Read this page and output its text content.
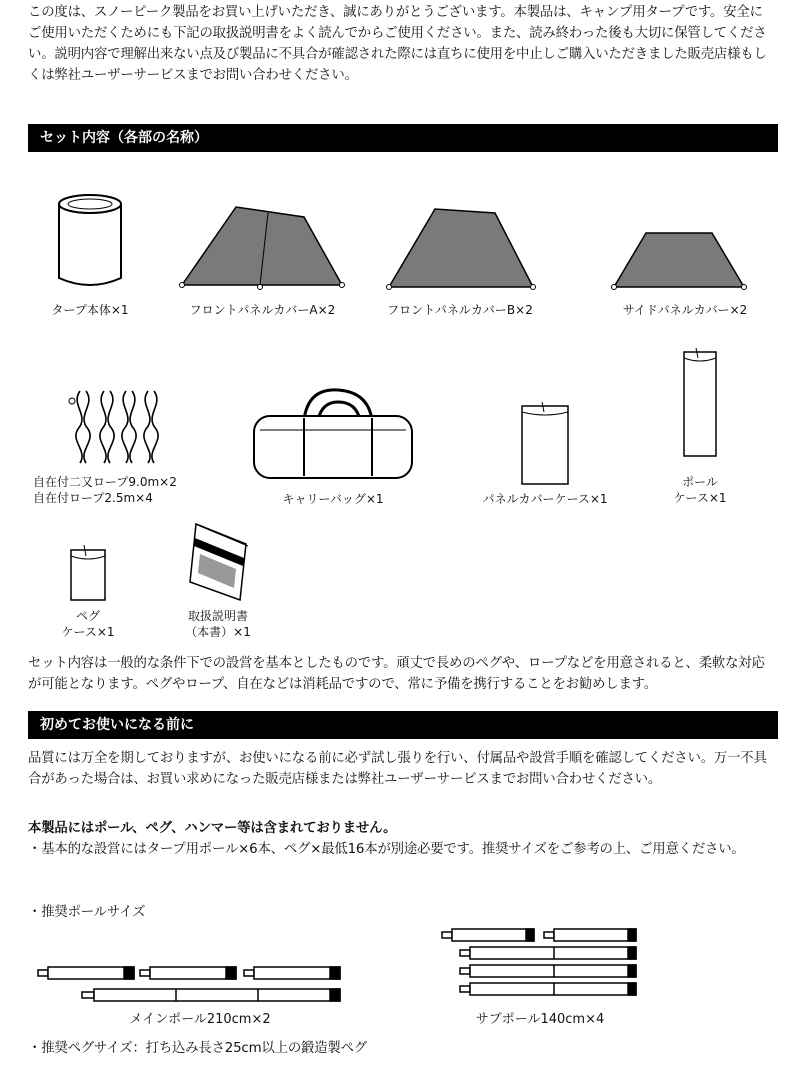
この度は、スノーピーク製品をお買い上げいただき、誠にありがとうございます。本製品は、キャンプ用タープです。安全にご使用いただくためにも下記の取扱説明書をよく読んでからご使用ください。また、読み終わった後も大切に保管してください。説明内容で理解出来ない点及び製品に不具合が確認された際には直ちに使用を中止しご購入いただきました販売店様もしくは弊社ユーザーサービスまでお問い合わせください。

セット内容（各部の名称）
タープ本体×1	フロントパネルカバーA×2	フロントパネルカバーB×2	サイドパネルカバー×2
自在付二又ロープ9.0m×2
自在付ロープ2.5m×4	キャリーバッグ×1	パネルカバーケース×1
ポール
ケース×1
ペグ
ケース×1
取扱説明書
（本書）×1

セット内容は一般的な条件下での設営を基本としたものです。頑丈で長めのペグや、ロープなどを用意されると、柔軟な対応が可能となります。ペグやロープ、自在などは消耗品ですので、常に予備を携行することをお勧めします。

初めてお使いになる前に

品質には万全を期しておりますが、お使いになる前に必ず試し張りを行い、付属品や設営手順を確認してください。万一不具合があった場合は、お買い求めになった販売店様または弊社ユーザーサービスまでお問い合わせください。

本製品にはポール、ペグ、ハンマー等は含まれておりません。

・基本的な設営にはタープ用ポール×6本、ペグ×最低16本が別途必要です。推奨サイズをご参考の上、ご用意ください。

・推奨ポールサイズ

メインポール210cm×2	サブポール140cm×4

・推奨ペグサイズ：打ち込み長さ25cm以上の鍛造製ペグ
